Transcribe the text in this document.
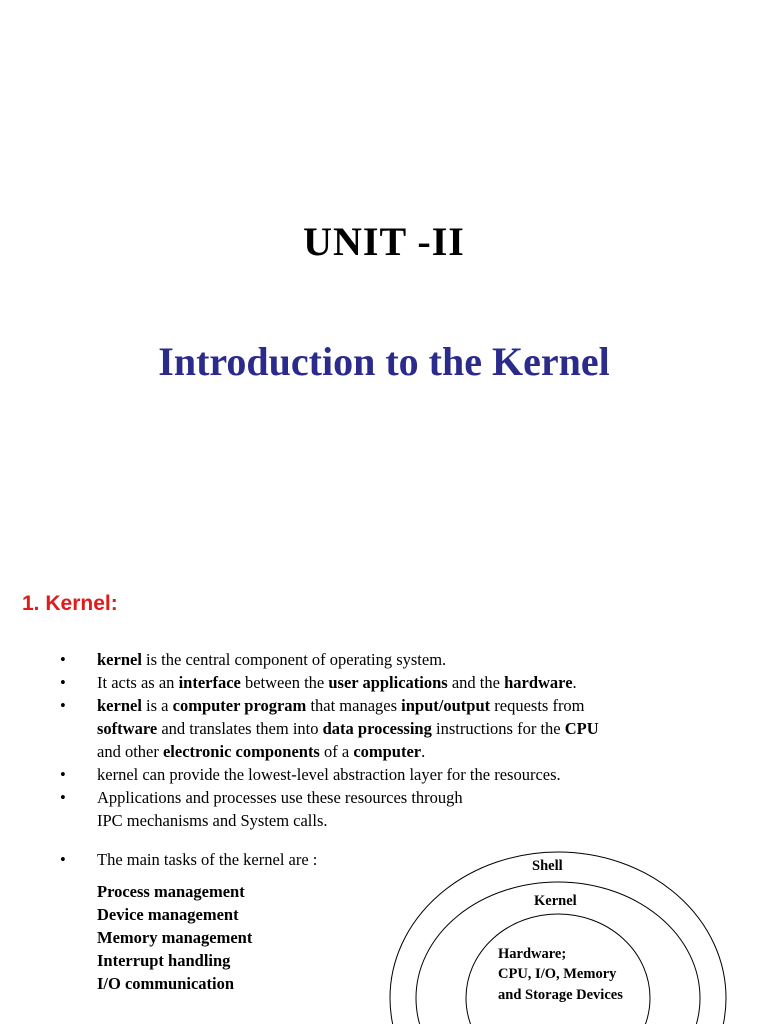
UNIT -II
Introduction to the Kernel
1. Kernel:
• kernel is the central component of operating system.
• It acts as an interface between the user applications and the hardware.
• kernel is a computer program that manages input/output requests from
software and translates them into data processing instructions for the CPU
and other electronic components of a computer.
• kernel can provide the lowest-level abstraction layer for the resources.
• Applications and processes use these resources through
IPC mechanisms and System calls.
• The main tasks of the kernel are :
Process management
Device management
Memory management
Interrupt handling
I/O communication
Shell
Kernel
Hardware;
CPU, I/O, Memory
and Storage Devices
